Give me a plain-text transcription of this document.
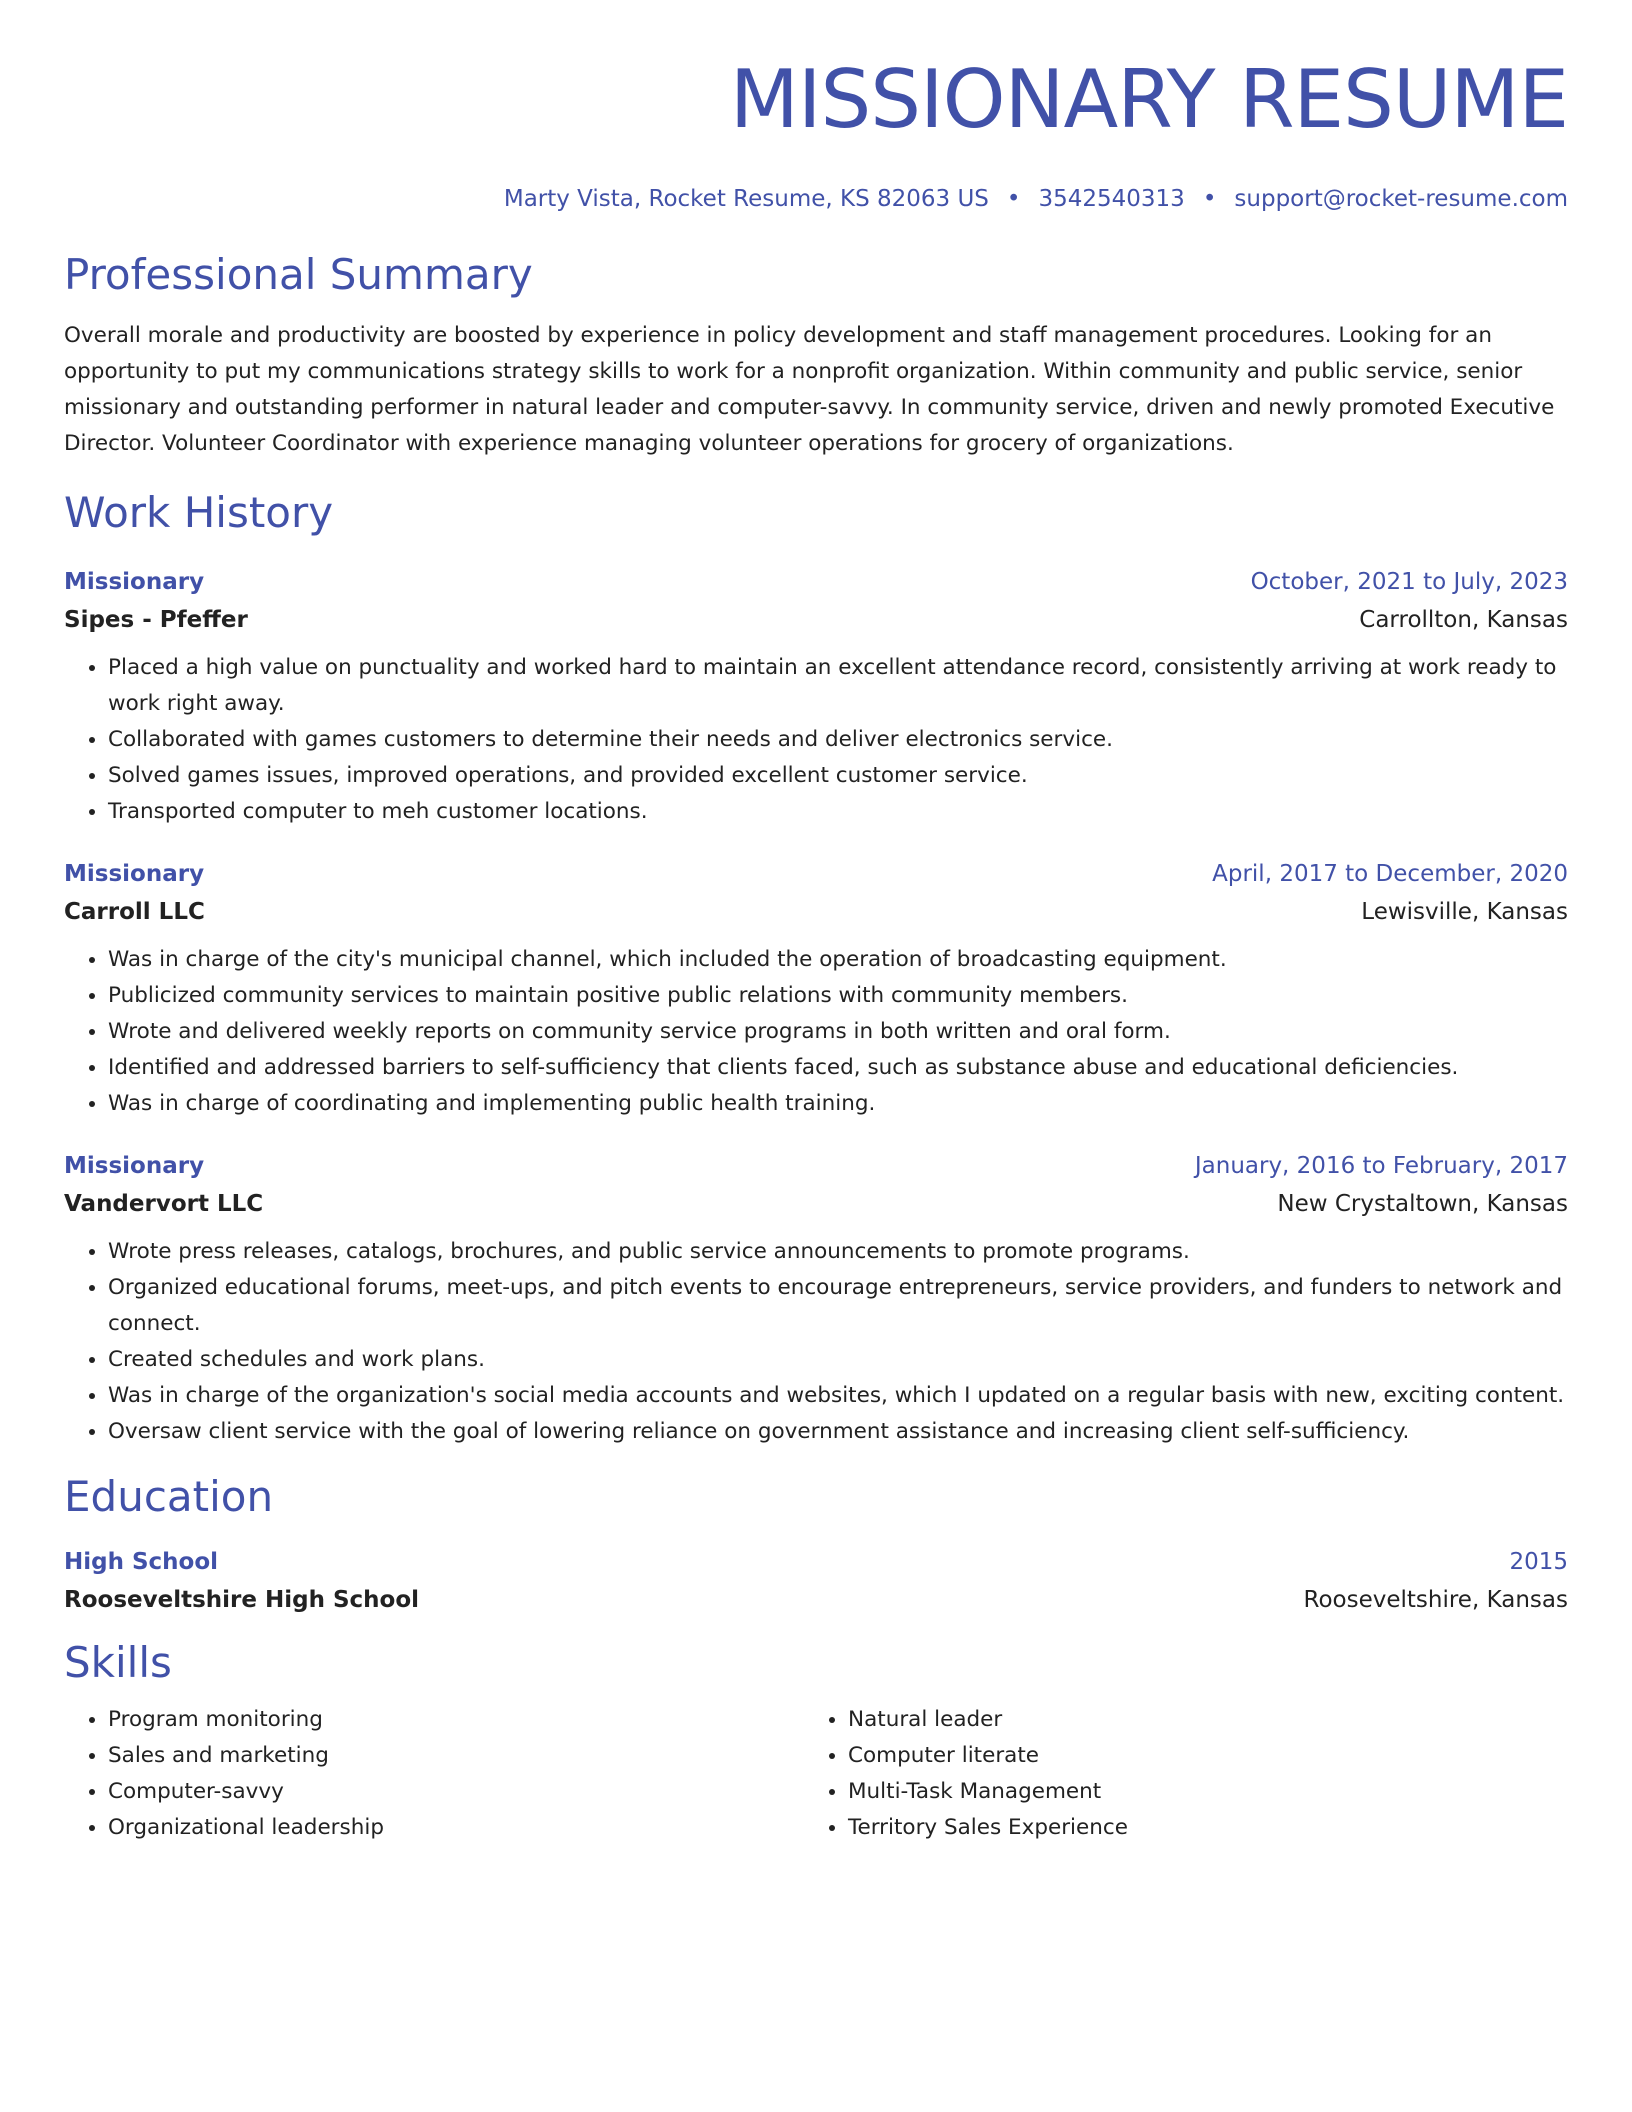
MISSIONARY RESUME
Marty Vista, Rocket Resume, KS 82063 US • 3542540313 • support@rocket-resume.com
Professional Summary
Overall morale and productivity are boosted by experience in policy development and staff management procedures. Looking for an opportunity to put my communications strategy skills to work for a nonprofit organization. Within community and public service, senior missionary and outstanding performer in natural leader and computer-savvy. In community service, driven and newly promoted Executive Director. Volunteer Coordinator with experience managing volunteer operations for grocery of organizations.
Work History
Missionary	October, 2021 to July, 2023
Sipes - Pfeffer	Carrollton, Kansas
• Placed a high value on punctuality and worked hard to maintain an excellent attendance record, consistently arriving at work ready to work right away.
• Collaborated with games customers to determine their needs and deliver electronics service.
• Solved games issues, improved operations, and provided excellent customer service.
• Transported computer to meh customer locations.
Missionary	April, 2017 to December, 2020
Carroll LLC	Lewisville, Kansas
• Was in charge of the city's municipal channel, which included the operation of broadcasting equipment.
• Publicized community services to maintain positive public relations with community members.
• Wrote and delivered weekly reports on community service programs in both written and oral form.
• Identified and addressed barriers to self-sufficiency that clients faced, such as substance abuse and educational deficiencies.
• Was in charge of coordinating and implementing public health training.
Missionary	January, 2016 to February, 2017
Vandervort LLC	New Crystaltown, Kansas
• Wrote press releases, catalogs, brochures, and public service announcements to promote programs.
• Organized educational forums, meet-ups, and pitch events to encourage entrepreneurs, service providers, and funders to network and connect.
• Created schedules and work plans.
• Was in charge of the organization's social media accounts and websites, which I updated on a regular basis with new, exciting content.
• Oversaw client service with the goal of lowering reliance on government assistance and increasing client self-sufficiency.
Education
High School	2015
Rooseveltshire High School	Rooseveltshire, Kansas
Skills
• Program monitoring
• Sales and marketing
• Computer-savvy
• Organizational leadership
• Natural leader
• Computer literate
• Multi-Task Management
• Territory Sales Experience
